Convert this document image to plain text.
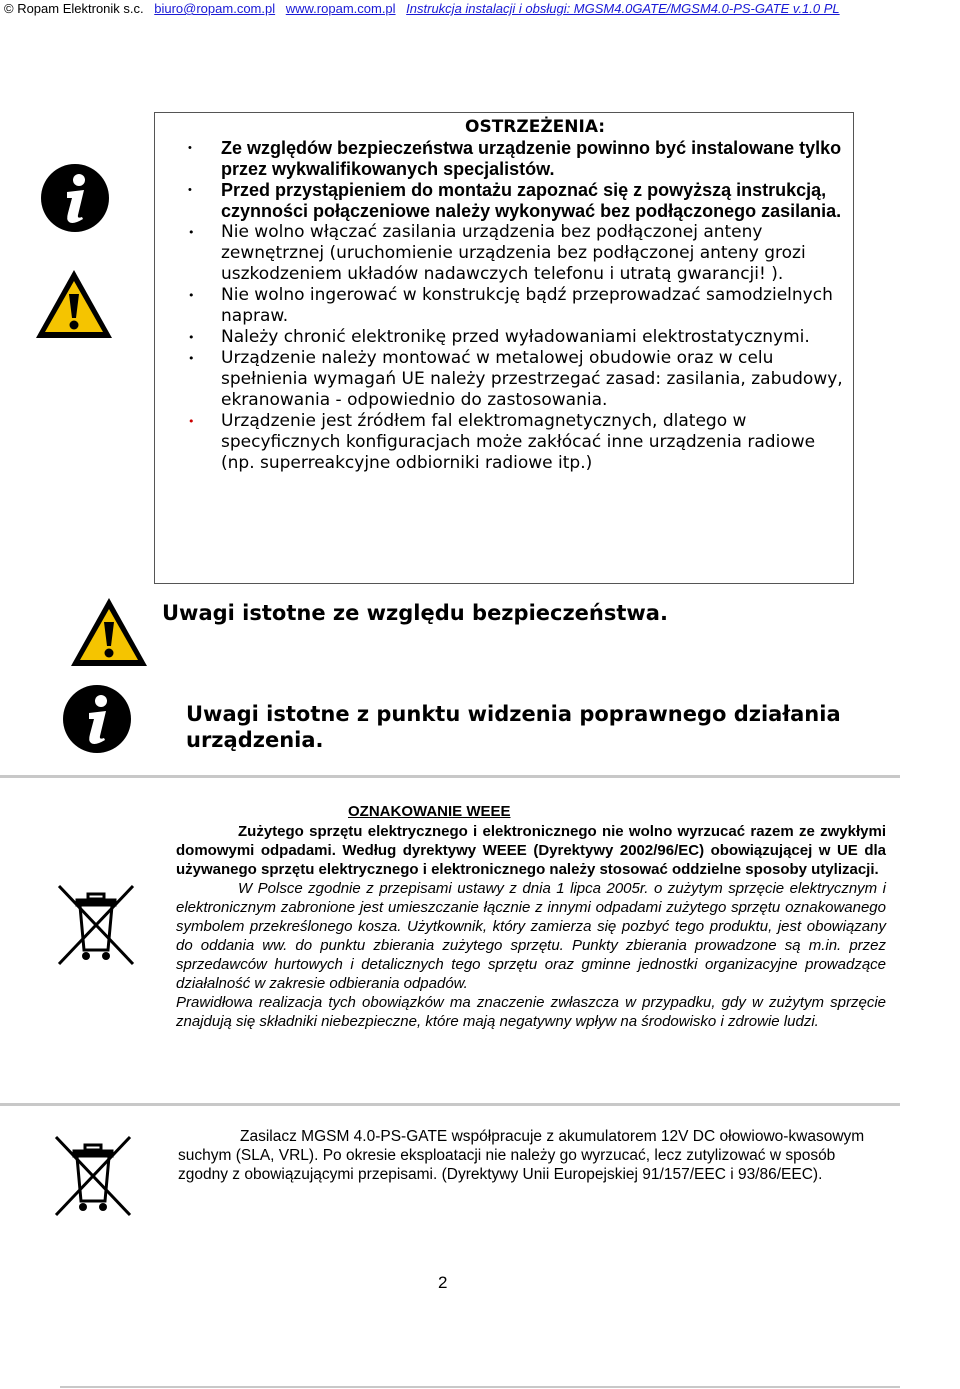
© Ropam Elektronik s.c. biuro@ropam.com.pl www.ropam.com.pl Instrukcja instalacji i obsługi: MGSM4.0GATE/MGSM4.0-PS-GATE v.1.0 PL
OSTRZEŻENIA:
• Ze względów bezpieczeństwa urządzenie powinno być instalowane tylko przez wykwalifikowanych specjalistów.
• Przed przystąpieniem do montażu zapoznać się z powyższą instrukcją, czynności połączeniowe należy wykonywać bez podłączonego zasilania.
• Nie wolno włączać zasilania urządzenia bez podłączonej anteny zewnętrznej (uruchomienie urządzenia bez podłączonej anteny grozi uszkodzeniem układów nadawczych telefonu i utratą gwarancji! ).
• Nie wolno ingerować w konstrukcję bądź przeprowadzać samodzielnych napraw.
• Należy chronić elektronikę przed wyładowaniami elektrostatycznymi.
• Urządzenie należy montować w metalowej obudowie oraz w celu spełnienia wymagań UE należy przestrzegać zasad: zasilania, zabudowy, ekranowania - odpowiednio do zastosowania.
• Urządzenie jest źródłem fal elektromagnetycznych, dlatego w specyficznych konfiguracjach może zakłócać inne urządzenia radiowe (np. superreakcyjne odbiorniki radiowe itp.)
Uwagi istotne ze względu bezpieczeństwa.
Uwagi istotne z punktu widzenia poprawnego działania urządzenia.
OZNAKOWANIE WEEE

Zużytego sprzętu elektrycznego i elektronicznego nie wolno wyrzucać razem ze zwykłymi domowymi odpadami. Według dyrektywy WEEE (Dyrektywy 2002/96/EC) obowiązującej w UE dla używanego sprzętu elektrycznego i elektronicznego należy stosować oddzielne sposoby utylizacji.

W Polsce zgodnie z przepisami ustawy z dnia 1 lipca 2005r. o zużytym sprzęcie elektrycznym i elektronicznym zabronione jest umieszczanie łącznie z innymi odpadami zużytego sprzętu oznakowanego symbolem przekreślonego kosza. Użytkownik, który zamierza się pozbyć tego produktu, jest obowiązany do oddania ww. do punktu zbierania zużytego sprzętu. Punkty zbierania prowadzone są m.in. przez sprzedawców hurtowych i detalicznych tego sprzętu oraz gminne jednostki organizacyjne prowadzące działalność w zakresie odbierania odpadów.

Prawidłowa realizacja tych obowiązków ma znaczenie zwłaszcza w przypadku, gdy w zużytym sprzęcie znajdują się składniki niebezpieczne, które mają negatywny wpływ na środowisko i zdrowie ludzi.

Zasilacz MGSM 4.0-PS-GATE współpracuje z akumulatorem 12V DC ołowiowo-kwasowym suchym (SLA, VRL). Po okresie eksploatacji nie należy go wyrzucać, lecz zutylizować w sposób zgodny z obowiązującymi przepisami. (Dyrektywy Unii Europejskiej 91/157/EEC i 93/86/EEC).
2
